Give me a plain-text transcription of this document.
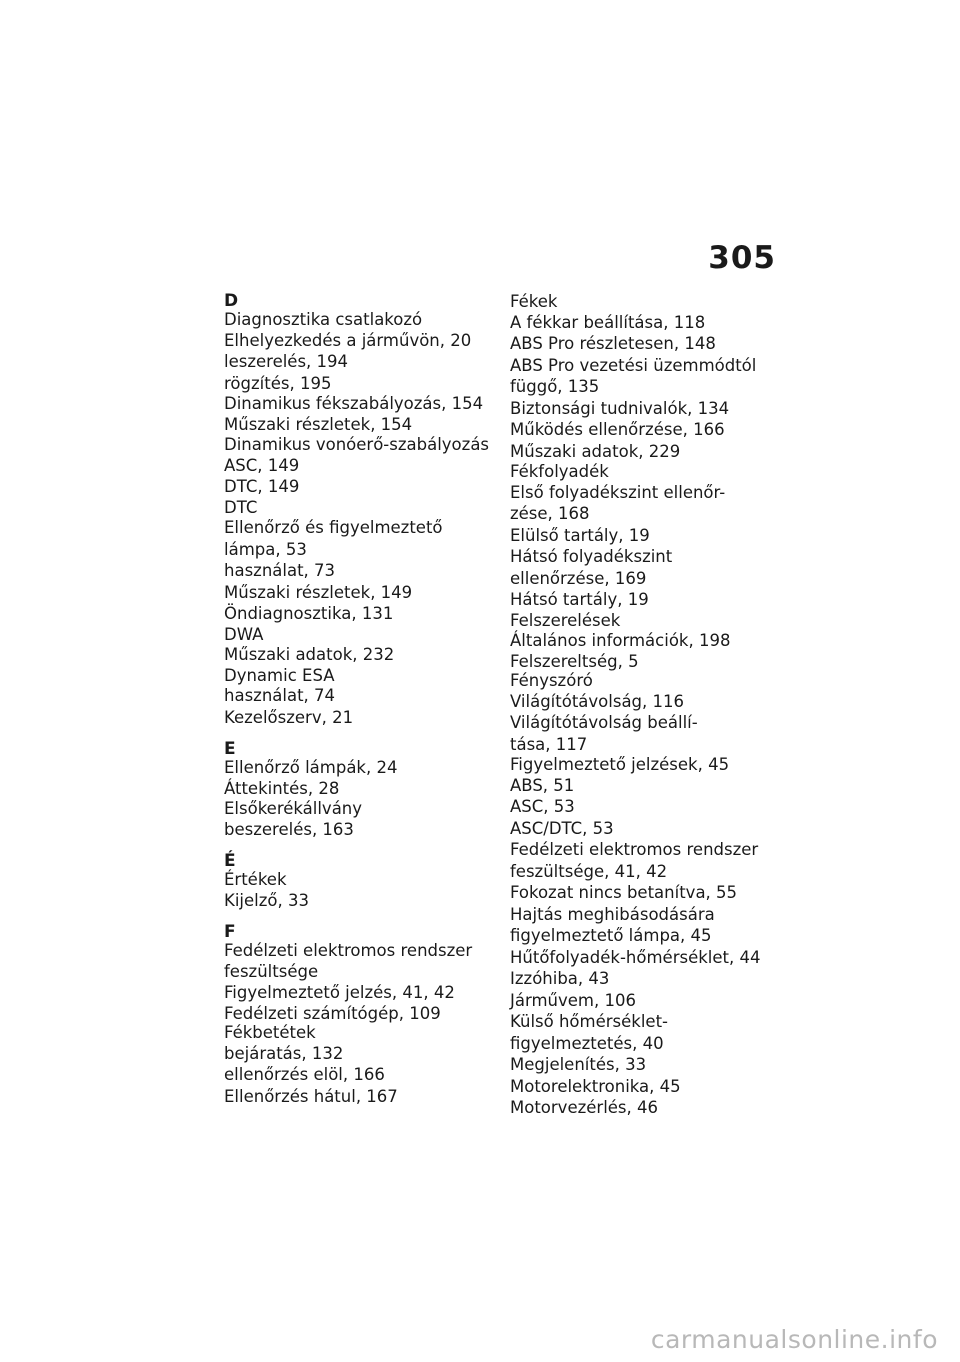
305
D
Diagnosztika csatlakozó
Elhelyezkedés a járművön, 20
leszerelés, 194
rögzítés, 195
Dinamikus fékszabályozás, 154
Műszaki részletek, 154
Dinamikus vonóerő-szabályozás
ASC, 149
DTC, 149
DTC
Ellenőrző és figyelmeztető
lámpa, 53
használat, 73
Műszaki részletek, 149
Öndiagnosztika, 131
DWA
Műszaki adatok, 232
Dynamic ESA
használat, 74
Kezelőszerv, 21
E
Ellenőrző lámpák, 24
Áttekintés, 28
Elsőkerékállvány
beszerelés, 163
É
Értékek
Kijelző, 33
F
Fedélzeti elektromos rendszer
feszültsége
Figyelmeztető jelzés, 41, 42
Fedélzeti számítógép, 109
Fékbetétek
bejáratás, 132
ellenőrzés elöl, 166
Ellenőrzés hátul, 167
Fékek
A fékkar beállítása, 118
ABS Pro részletesen, 148
ABS Pro vezetési üzemmódtól
függő, 135
Biztonsági tudnivalók, 134
Működés ellenőrzése, 166
Műszaki adatok, 229
Fékfolyadék
Első folyadékszint ellenőr-
zése, 168
Elülső tartály, 19
Hátsó folyadékszint
ellenőrzése, 169
Hátsó tartály, 19
Felszerelések
Általános információk, 198
Felszereltség, 5
Fényszóró
Világítótávolság, 116
Világítótávolság beállí-
tása, 117
Figyelmeztető jelzések, 45
ABS, 51
ASC, 53
ASC/DTC, 53
Fedélzeti elektromos rendszer
feszültsége, 41, 42
Fokozat nincs betanítva, 55
Hajtás meghibásodására
figyelmeztető lámpa, 45
Hűtőfolyadék-hőmérséklet, 44
Izzóhiba, 43
Járművem, 106
Külső hőmérséklet-
figyelmeztetés, 40
Megjelenítés, 33
Motorelektronika, 45
Motorvezérlés, 46
carmanualsonline.info
